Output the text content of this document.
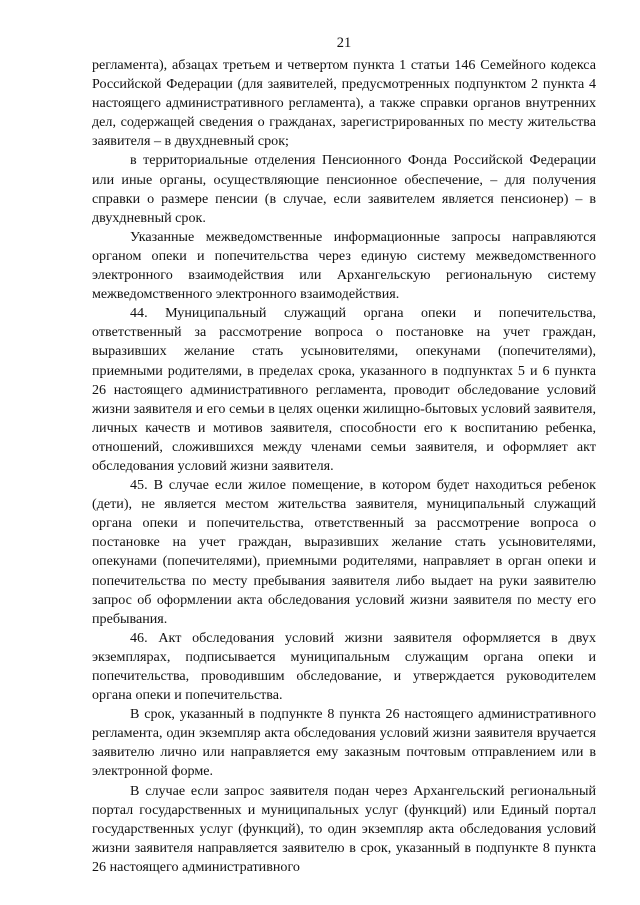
21

регламента), абзацах третьем и четвертом пункта 1 статьи 146 Семейного кодекса Российской Федерации (для заявителей, предусмотренных подпунктом 2 пункта 4 настоящего административного регламента), а также справки органов внутренних дел, содержащей сведения о гражданах, зарегистрированных по месту жительства заявителя – в двухдневный срок;

в территориальные отделения Пенсионного Фонда Российской Федерации или иные органы, осуществляющие пенсионное обеспечение, – для получения справки о размере пенсии (в случае, если заявителем является пенсионер) – в двухдневный срок.

Указанные межведомственные информационные запросы направляются органом опеки и попечительства через единую систему межведомственного электронного взаимодействия или Архангельскую региональную систему межведомственного электронного взаимодействия.

44. Муниципальный служащий органа опеки и попечительства, ответственный за рассмотрение вопроса о постановке на учет граждан, выразивших желание стать усыновителями, опекунами (попечителями), приемными родителями, в пределах срока, указанного в подпунктах 5 и 6 пункта 26 настоящего административного регламента, проводит обследование условий жизни заявителя и его семьи в целях оценки жилищно-бытовых условий заявителя, личных качеств и мотивов заявителя, способности его к воспитанию ребенка, отношений, сложившихся между членами семьи заявителя, и оформляет акт обследования условий жизни заявителя.

45. В случае если жилое помещение, в котором будет находиться ребенок (дети), не является местом жительства заявителя, муниципальный служащий органа опеки и попечительства, ответственный за рассмотрение вопроса о постановке на учет граждан, выразивших желание стать усыновителями, опекунами (попечителями), приемными родителями, направляет в орган опеки и попечительства по месту пребывания заявителя либо выдает на руки заявителю запрос об оформлении акта обследования условий жизни заявителя по месту его пребывания.

46. Акт обследования условий жизни заявителя оформляется в двух экземплярах, подписывается муниципальным служащим органа опеки и попечительства, проводившим обследование, и утверждается руководителем органа опеки и попечительства.

В срок, указанный в подпункте 8 пункта 26 настоящего административного регламента, один экземпляр акта обследования условий жизни заявителя вручается заявителю лично или направляется ему заказным почтовым отправлением или в электронной форме.

В случае если запрос заявителя подан через Архангельский региональный портал государственных и муниципальных услуг (функций) или Единый портал государственных услуг (функций), то один экземпляр акта обследования условий жизни заявителя направляется заявителю в срок, указанный в подпункте 8 пункта 26 настоящего административного
